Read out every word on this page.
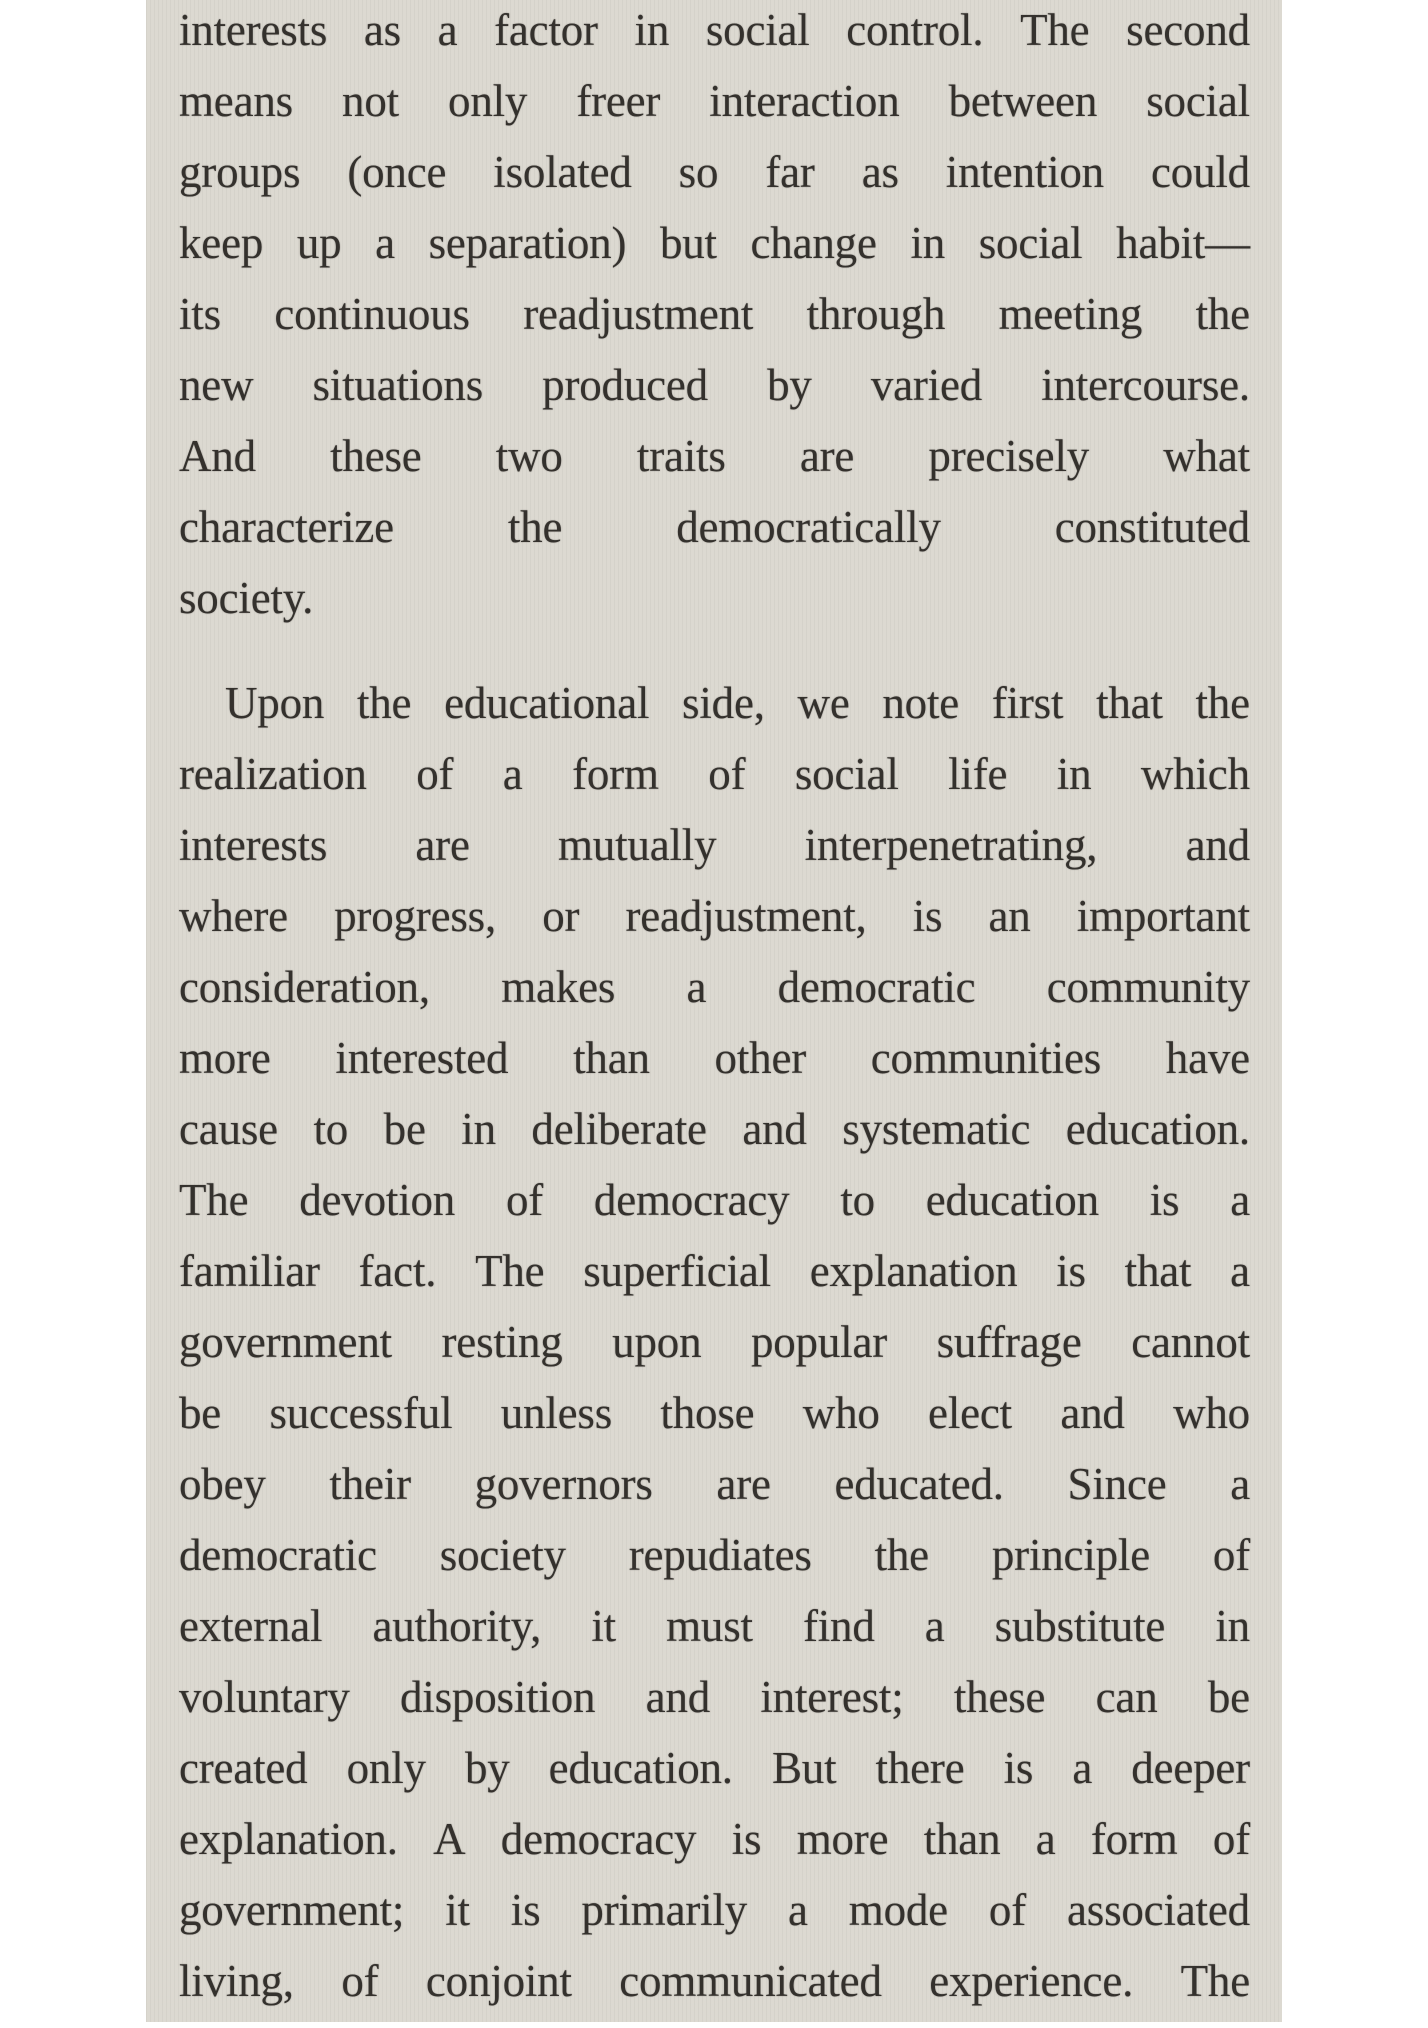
interests as a factor in social control. The second
means not only freer interaction between social
groups (once isolated so far as intention could
keep up a separation) but change in social habit—
its continuous readjustment through meeting the
new situations produced by varied intercourse.
And these two traits are precisely what
characterize	the	democratically	constituted
society.
Upon the educational side, we note first that the
realization of a form of social life in which
interests are mutually interpenetrating, and
where progress, or readjustment, is an important
consideration, makes a democratic community
more interested than other communities have
cause to be in deliberate and systematic education.
The devotion of democracy to education is a
familiar fact. The superficial explanation is that a
government resting upon popular suffrage cannot
be successful unless those who elect and who
obey their governors are educated. Since a
democratic society repudiates the principle of
external authority, it must find a substitute in
voluntary disposition and interest; these can be
created only by education. But there is a deeper
explanation. A democracy is more than a form of
government; it is primarily a mode of associated
living, of conjoint communicated experience. The
